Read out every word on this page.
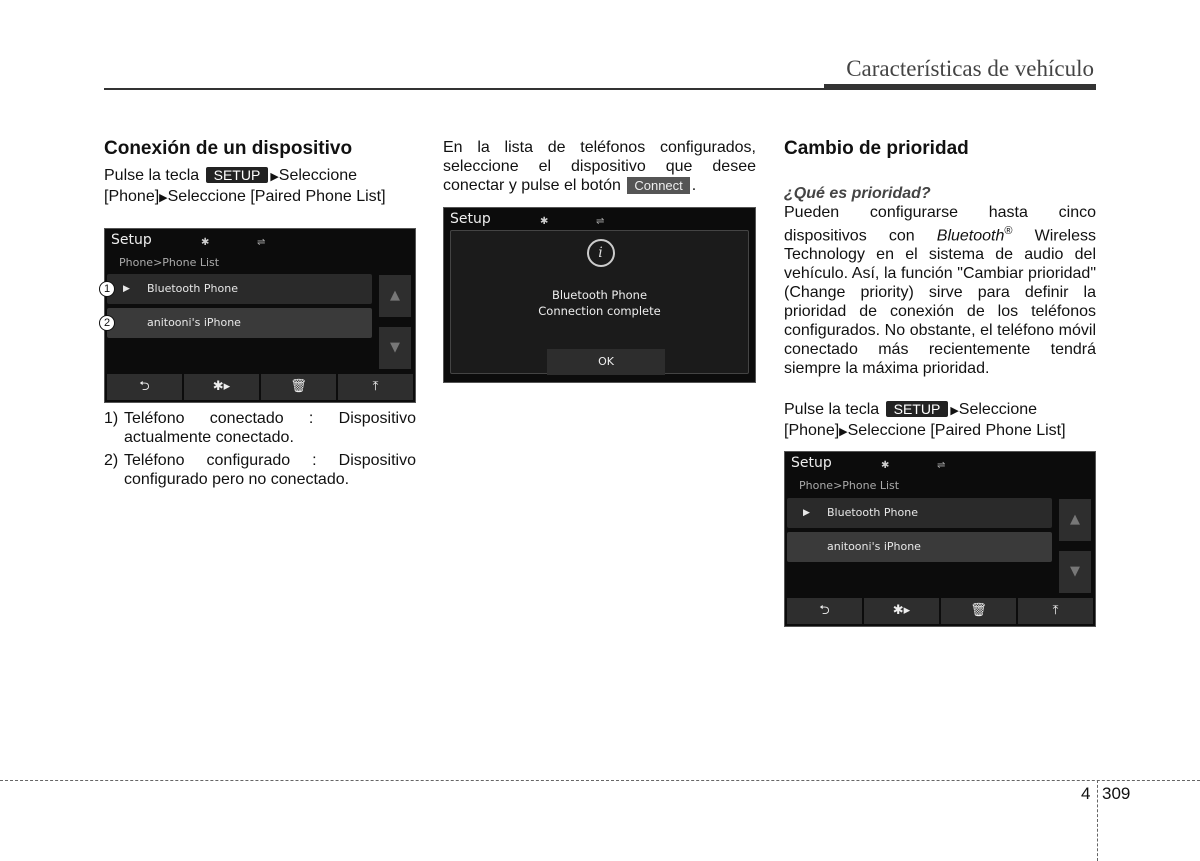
Características de vehículo
Conexión de un dispositivo

Pulse la tecla SETUP ▶Seleccione
[Phone]▶Seleccione [Paired Phone List]

Setup	✱	⇌
Phone>Phone List
▶ Bluetooth Phone
anitooni's iPhone
▲
▼
⮌	✱▸	🗑	⤒
1
2
1) Teléfono conectado : Dispositivo actualmente conectado.
2) Teléfono configurado : Dispositivo configurado pero no conectado.

En la lista de teléfonos configurados, seleccione el dispositivo que desee conectar y pulse el botón Connect .

Setup	✱	⇌
i
Bluetooth Phone
Connection complete
OK
Cambio de prioridad

¿Qué es prioridad?

Pueden configurarse hasta cinco dispositivos con Bluetooth® Wireless Technology en el sistema de audio del vehículo. Así, la función "Cambiar prioridad" (Change priority) sirve para definir la prioridad de conexión de los teléfonos configurados. No obstante, el teléfono móvil conectado más recientemente tendrá siempre la máxima prioridad.

Pulse la tecla SETUP ▶Seleccione
[Phone]▶Seleccione [Paired Phone List]

Setup	✱	⇌
Phone>Phone List
▶ Bluetooth Phone
anitooni's iPhone
▲
▼
⮌	✱▸	🗑	⤒
4 309
